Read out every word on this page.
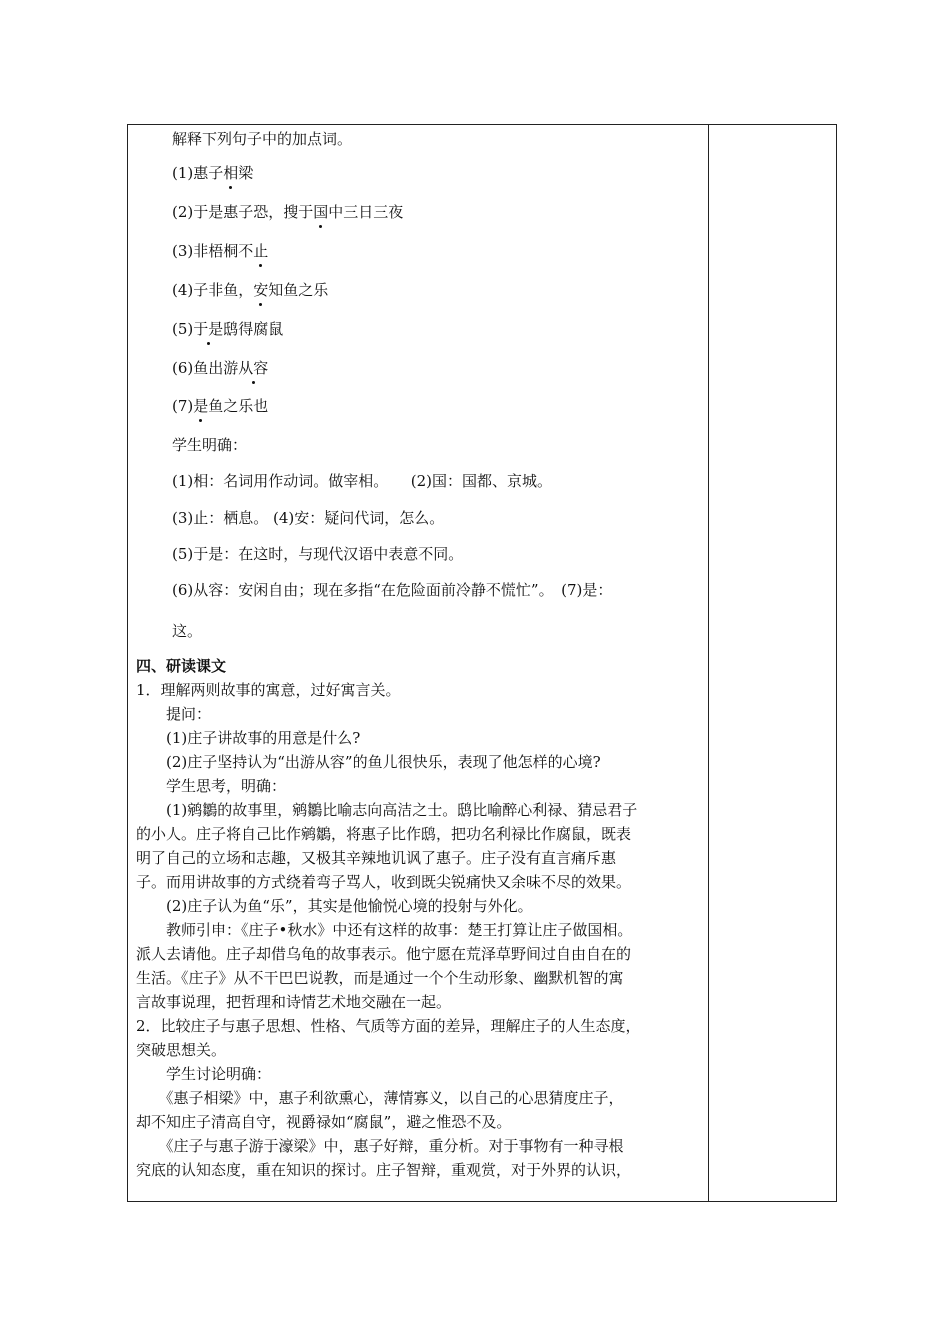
解释下列句子中的加点词。
(1)惠子相梁
(2)于是惠子恐，搜于国中三日三夜
(3)非梧桐不止
(4)子非鱼，安知鱼之乐
(5)于是鸱得腐鼠
(6)鱼出游从容
(7)是鱼之乐也
学生明确：
(1)相：名词用作动词。做宰相。　　(2)国：国都、京城。
(3)止：栖息。 (4)安：疑问代词，怎么。
(5)于是：在这时，与现代汉语中表意不同。
(6)从容：安闲自由；现在多指“在危险面前冷静不慌忙”。　(7)是：
这。
四、研读课文
1．理解两则故事的寓意，过好寓言关。
　　提问：
　　(1)庄子讲故事的用意是什么?
　　(2)庄子坚持认为“出游从容”的鱼儿很快乐，表现了他怎样的心境?
　　学生思考，明确：
　　(1)鹓鶵的故事里，鹓鶵比喻志向高洁之士。鸱比喻醉心利禄、猜忌君子
的小人。庄子将自己比作鹓鶵，将惠子比作鸱，把功名利禄比作腐鼠，既表
明了自己的立场和志趣，又极其辛辣地讥讽了惠子。庄子没有直言痛斥惠
子。而用讲故事的方式绕着弯子骂人，收到既尖锐痛快又余味不尽的效果。
　　(2)庄子认为鱼“乐”，其实是他愉悦心境的投射与外化。
　　教师引申：《庄子•秋水》中还有这样的故事：楚王打算让庄子做国相。
派人去请他。庄子却借乌龟的故事表示。他宁愿在荒泽草野间过自由自在的
生活。《庄子》从不干巴巴说教，而是通过一个个生动形象、幽默机智的寓
言故事说理，把哲理和诗情艺术地交融在一起。
2．比较庄子与惠子思想、性格、气质等方面的差异，理解庄子的人生态度，
突破思想关。
　　学生讨论明确：
　　《惠子相梁》中，惠子利欲熏心，薄情寡义，以自己的心思猜度庄子，
却不知庄子清高自守，视爵禄如“腐鼠”，避之惟恐不及。
　　《庄子与惠子游于濠梁》中，惠子好辩，重分析。对于事物有一种寻根
究底的认知态度，重在知识的探讨。庄子智辩，重观赏，对于外界的认识，
